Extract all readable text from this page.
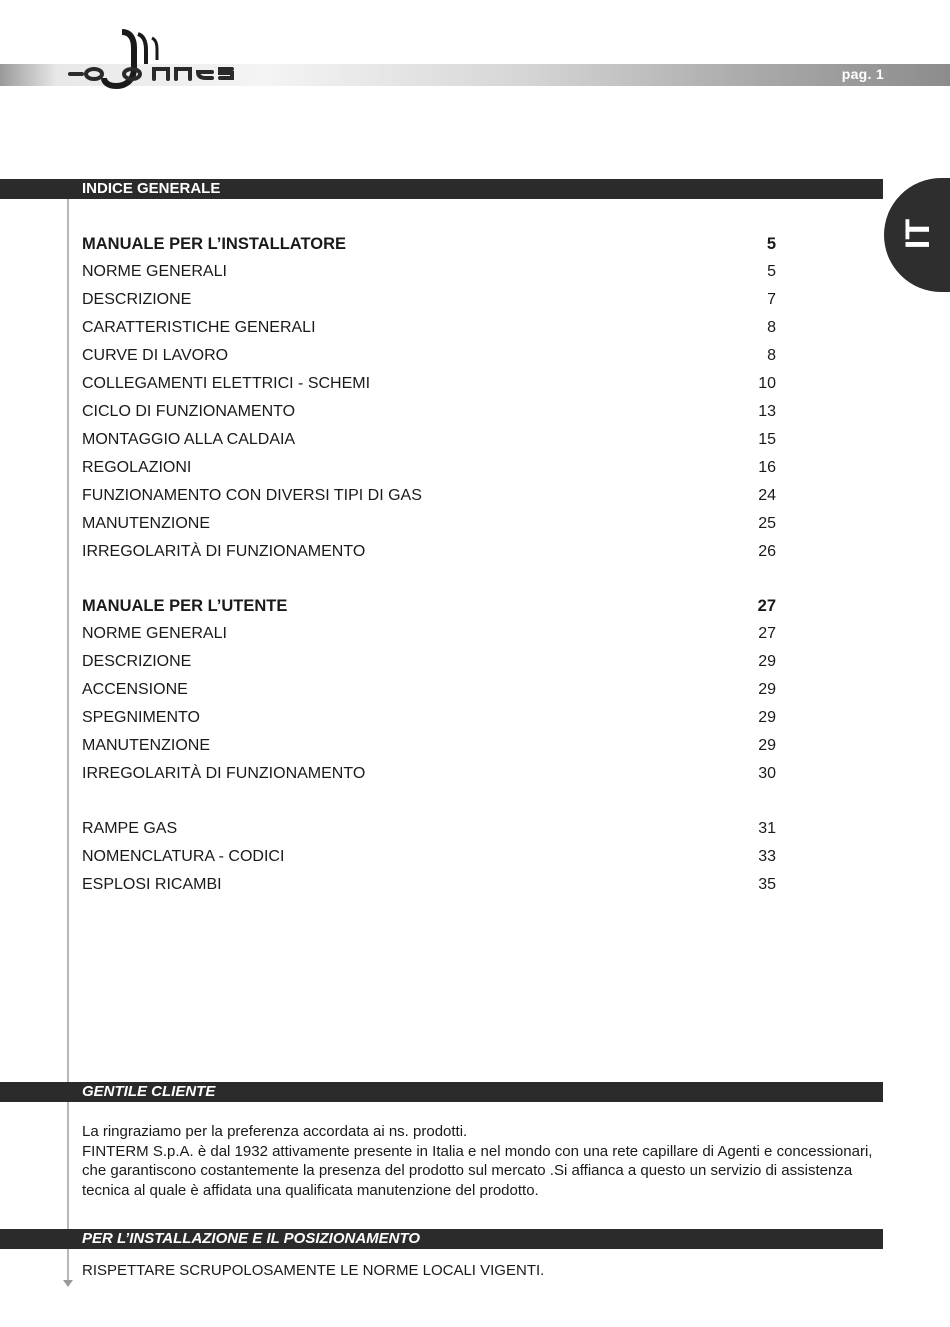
pag. 1
IT
INDICE GENERALE
MANUALE PER L’INSTALLATORE	5
NORME GENERALI	5
DESCRIZIONE	7
CARATTERISTICHE GENERALI	8
CURVE DI LAVORO	8
COLLEGAMENTI ELETTRICI - SCHEMI	10
CICLO DI FUNZIONAMENTO	13
MONTAGGIO ALLA CALDAIA	15
REGOLAZIONI	16
FUNZIONAMENTO CON DIVERSI TIPI DI GAS	24
MANUTENZIONE	25
IRREGOLARITÀ DI FUNZIONAMENTO	26
MANUALE PER L’UTENTE	27
NORME GENERALI	27
DESCRIZIONE	29
ACCENSIONE	29
SPEGNIMENTO	29
MANUTENZIONE	29
IRREGOLARITÀ DI FUNZIONAMENTO	30
RAMPE GAS	31
NOMENCLATURA - CODICI	33
ESPLOSI RICAMBI	35
GENTILE CLIENTE

La ringraziamo per la preferenza accordata ai ns. prodotti.

FINTERM S.p.A. è dal 1932 attivamente presente in Italia e nel mondo con una rete capillare di Agenti e concessionari,

che garantiscono costantemente la presenza del prodotto sul mercato .Si affianca a questo un servizio di assistenza

tecnica al quale è affidata una qualificata manutenzione del prodotto.

PER L’INSTALLAZIONE E IL POSIZIONAMENTO
RISPETTARE SCRUPOLOSAMENTE LE NORME LOCALI VIGENTI.
